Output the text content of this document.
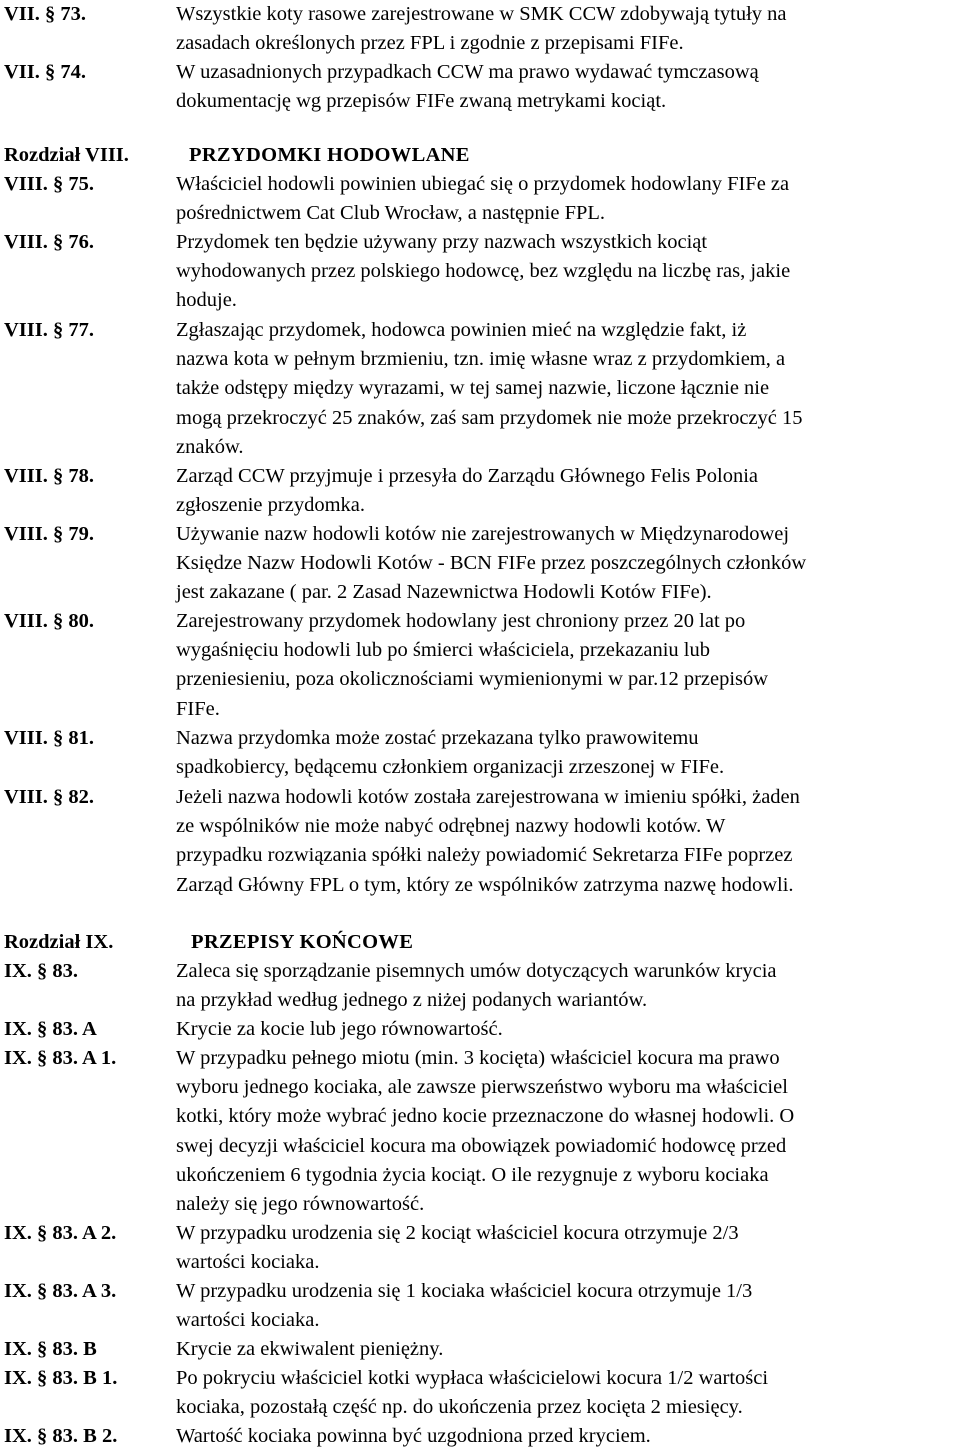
VII. § 73.	Wszystkie koty rasowe zarejestrowane w SMK CCW zdobywają tytuły na
zasadach określonych przez FPL i zgodnie z przepisami FIFe.
VII. § 74.	W uzasadnionych przypadkach CCW ma prawo wydawać tymczasową
dokumentację wg przepisów FIFe zwaną metrykami kociąt.
Rozdział VIII.	PRZYDOMKI HODOWLANE
VIII. § 75.	Właściciel hodowli powinien ubiegać się o przydomek hodowlany FIFe za
pośrednictwem Cat Club Wrocław, a następnie FPL.
VIII. § 76.	Przydomek ten będzie używany przy nazwach wszystkich kociąt
wyhodowanych przez polskiego hodowcę, bez względu na liczbę ras, jakie
hoduje.
VIII. § 77.	Zgłaszając przydomek, hodowca powinien mieć na względzie fakt, iż
nazwa kota w pełnym brzmieniu, tzn. imię własne wraz z przydomkiem, a
także odstępy między wyrazami, w tej samej nazwie, liczone łącznie nie
mogą przekroczyć 25 znaków, zaś sam przydomek nie może przekroczyć 15
znaków.
VIII. § 78.	Zarząd CCW przyjmuje i przesyła do Zarządu Głównego Felis Polonia
zgłoszenie przydomka.
VIII. § 79.	Używanie nazw hodowli kotów nie zarejestrowanych w Międzynarodowej
Księdze Nazw Hodowli Kotów - BCN FIFe przez poszczególnych członków
jest zakazane ( par. 2 Zasad Nazewnictwa Hodowli Kotów FIFe).
VIII. § 80.	Zarejestrowany przydomek hodowlany jest chroniony przez 20 lat po
wygaśnięciu hodowli lub po śmierci właściciela, przekazaniu lub
przeniesieniu, poza okolicznościami wymienionymi w par.12 przepisów
FIFe.
VIII. § 81.	Nazwa przydomka może zostać przekazana tylko prawowitemu
spadkobiercy, będącemu członkiem organizacji zrzeszonej w FIFe.
VIII. § 82.	Jeżeli nazwa hodowli kotów została zarejestrowana w imieniu spółki, żaden
ze wspólników nie może nabyć odrębnej nazwy hodowli kotów. W
przypadku rozwiązania spółki należy powiadomić Sekretarza FIFe poprzez
Zarząd Główny FPL o tym, który ze wspólników zatrzyma nazwę hodowli.
Rozdział IX.	PRZEPISY KOŃCOWE
IX. § 83.	Zaleca się sporządzanie pisemnych umów dotyczących warunków krycia
na przykład według jednego z niżej podanych wariantów.
IX. § 83. A	Krycie za kocie lub jego równowartość.
IX. § 83. A 1.	W przypadku pełnego miotu (min. 3 kocięta) właściciel kocura ma prawo
wyboru jednego kociaka, ale zawsze pierwszeństwo wyboru ma właściciel
kotki, który może wybrać jedno kocie przeznaczone do własnej hodowli. O
swej decyzji właściciel kocura ma obowiązek powiadomić hodowcę przed
ukończeniem 6 tygodnia życia kociąt. O ile rezygnuje z wyboru kociaka
należy się jego równowartość.
IX. § 83. A 2.	W przypadku urodzenia się 2 kociąt właściciel kocura otrzymuje 2/3
wartości kociaka.
IX. § 83. A 3.	W przypadku urodzenia się 1 kociaka właściciel kocura otrzymuje 1/3
wartości kociaka.
IX. § 83. B	Krycie za ekwiwalent pieniężny.
IX. § 83. B 1.	Po pokryciu właściciel kotki wypłaca właścicielowi kocura 1/2 wartości
kociaka, pozostałą część np. do ukończenia przez kocięta 2 miesięcy.
IX. § 83. B 2.	Wartość kociaka powinna być uzgodniona przed kryciem.
